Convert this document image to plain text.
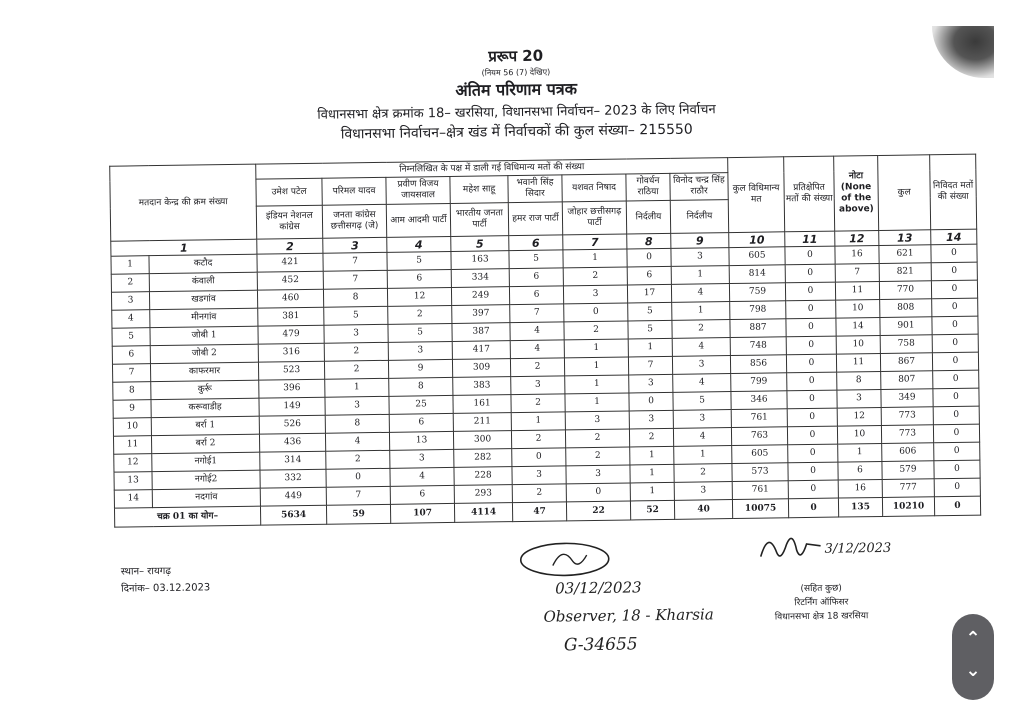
प्ररूप 20
(नियम 56 (7) देखिए)
अंतिम परिणाम पत्रक
विधानसभा क्षेत्र क्रमांक 18– खरसिया, विधानसभा निर्वाचन– 2023 के लिए निर्वाचन
विधानसभा निर्वाचन–क्षेत्र खंड में निर्वाचकों की कुल संख्या– 215550
मतदान केन्द्र की क्रम संख्या		निम्नलिखित के पक्ष में डाली गई विधिमान्य मतों की संख्या								कुल विधिमान्य मत	प्रतिक्षेपित मतों की संख्या	नोटा (None of the above)	कुल	निविदत मतों की संख्या
		उमेश पटेल	परिमल यादव	प्रवीण विजय जायसवाल	महेश साहू	भवानी सिंह सिदार	यशवत निषाद	गोवर्धन राठिया	विनोद चन्द्र सिंह राठौर					
		इंडियन नेशनल कांग्रेस	जनता कांग्रेस छत्तीसगढ़ (जे)	आम आदमी पार्टी	भारतीय जनता पार्टी	हमर राज पार्टी	जोहार छत्तीसगढ़ पार्टी	निर्दलीय	निर्दलीय					
1		2	3	4	5	6	7	8	9	10	11	12	13	14
1	कटौद	421	7	5	163	5	1	0	3	605	0	16	621	0
2	कंवाली	452	7	6	334	6	2	6	1	814	0	7	821	0
3	खडगांव	460	8	12	249	6	3	17	4	759	0	11	770	0
4	मीनगांव	381	5	2	397	7	0	5	1	798	0	10	808	0
5	जोबी 1	479	3	5	387	4	2	5	2	887	0	14	901	0
6	जोबी 2	316	2	3	417	4	1	1	4	748	0	10	758	0
7	काफरमार	523	2	9	309	2	1	7	3	856	0	11	867	0
8	कुर्रू	396	1	8	383	3	1	3	4	799	0	8	807	0
9	करूवाडीह	149	3	25	161	2	1	0	5	346	0	3	349	0
10	बर्रा 1	526	8	6	211	1	3	3	3	761	0	12	773	0
11	बर्रा 2	436	4	13	300	2	2	2	4	763	0	10	773	0
12	नगोई1	314	2	3	282	0	2	1	1	605	0	1	606	0
13	नगोई2	332	0	4	228	3	3	1	2	573	0	6	579	0
14	नदगांव	449	7	6	293	2	0	1	3	761	0	16	777	0
चक्र 01 का योग–		5634	59	107	4114	47	22	52	40	10075	0	135	10210	0
स्थान– रायगढ़
दिनांक– 03.12.2023	03/12/2023
Observer, 18 - Kharsia
G-34655
3/12/2023
(सहित कुछ)
रिटर्निंग ऑफिसर
विधानसभा क्षेत्र 18 खरसिया
⌃
⌄
